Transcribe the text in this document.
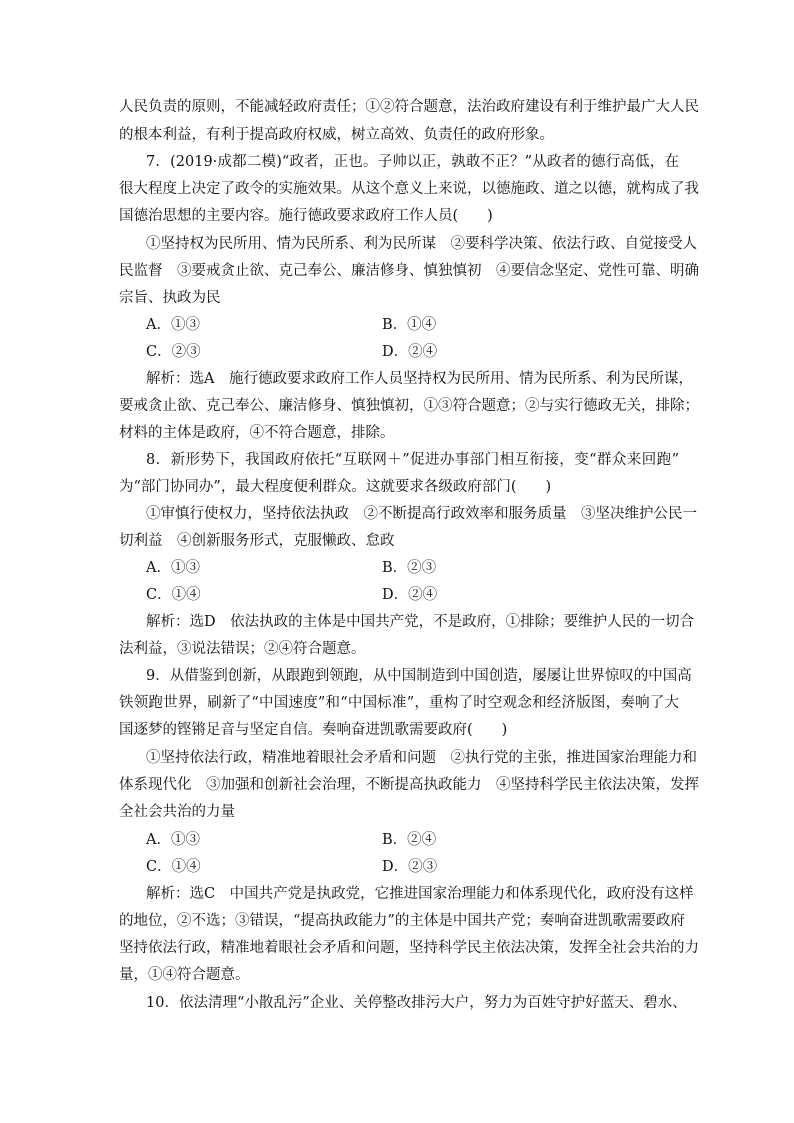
人民负责的原则，不能减轻政府责任；①②符合题意，法治政府建设有利于维护最广大人民
的根本利益，有利于提高政府权威，树立高效、负责任的政府形象。
7．(2019·成都二模)“政者，正也。子帅以正，孰敢不正？”从政者的德行高低，在
很大程度上决定了政令的实施效果。从这个意义上来说，以德施政、道之以德，就构成了我
国德治思想的主要内容。施行德政要求政府工作人员(　　)
①坚持权为民所用、情为民所系、利为民所谋　②要科学决策、依法行政、自觉接受人
民监督　③要戒贪止欲、克己奉公、廉洁修身、慎独慎初　④要信念坚定、党性可靠、明确
宗旨、执政为民
A．①③	B．①④
C．②③	D．②④
解析：选A　施行德政要求政府工作人员坚持权为民所用、情为民所系、利为民所谋，
要戒贪止欲、克己奉公、廉洁修身、慎独慎初，①③符合题意；②与实行德政无关，排除；
材料的主体是政府，④不符合题意，排除。
8．新形势下，我国政府依托“互联网＋”促进办事部门相互衔接，变“群众来回跑”
为“部门协同办”，最大程度便利群众。这就要求各级政府部门(　　)
①审慎行使权力，坚持依法执政　②不断提高行政效率和服务质量　③坚决维护公民一
切利益　④创新服务形式，克服懒政、怠政
A．①③	B．②③
C．①④	D．②④
解析：选D　依法执政的主体是中国共产党，不是政府，①排除；要维护人民的一切合
法利益，③说法错误；②④符合题意。
9．从借鉴到创新，从跟跑到领跑，从中国制造到中国创造，屡屡让世界惊叹的中国高
铁领跑世界，刷新了“中国速度”和“中国标准”，重构了时空观念和经济版图，奏响了大
国逐梦的铿锵足音与坚定自信。奏响奋进凯歌需要政府(　　)
①坚持依法行政，精准地着眼社会矛盾和问题　②执行党的主张，推进国家治理能力和
体系现代化　③加强和创新社会治理，不断提高执政能力　④坚持科学民主依法决策，发挥
全社会共治的力量
A．①③	B．②④
C．①④	D．②③
解析：选C　中国共产党是执政党，它推进国家治理能力和体系现代化，政府没有这样
的地位，②不选；③错误，“提高执政能力”的主体是中国共产党；奏响奋进凯歌需要政府
坚持依法行政，精准地着眼社会矛盾和问题，坚持科学民主依法决策，发挥全社会共治的力
量，①④符合题意。
10．依法清理“小散乱污”企业、关停整改排污大户，努力为百姓守护好蓝天、碧水、
